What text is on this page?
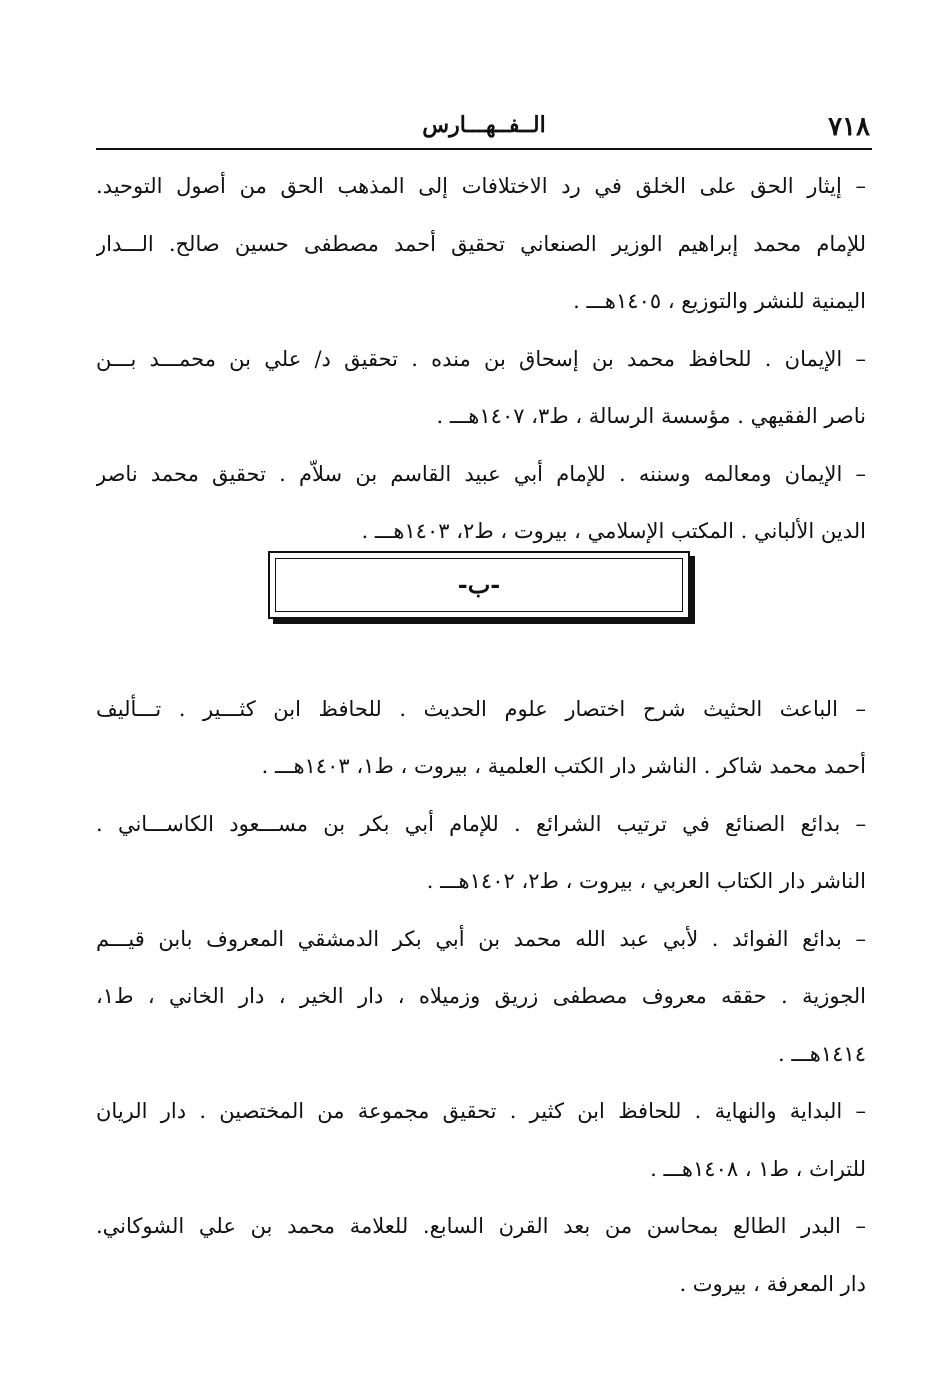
٧١٨
الــفــهـــارس
– إيثار الحق على الخلق في رد الاختلافات إلى المذهب الحق من أصول التوحيد.
للإمام محمد إبراهيم الوزير الصنعاني تحقيق أحمد مصطفى حسين صالح. الـــدار
اليمنية للنشر والتوزيع ، ١٤٠٥هـــ .
– الإيمان . للحافظ محمد بن إسحاق بن منده . تحقيق د/ علي بن محمـــد بـــن
ناصر الفقيهي . مؤسسة الرسالة ، ط٣، ١٤٠٧هـــ .
– الإيمان ومعالمه وسننه . للإمام أبي عبيد القاسم بن سلاّم . تحقيق محمد ناصر
الدين الألباني . المكتب الإسلامي ، بيروت ، ط٢، ١٤٠٣هـــ .
– الباعث الحثيث شرح اختصار علوم الحديث . للحافظ ابن كثـــير . تـــأليف
أحمد محمد شاكر . الناشر دار الكتب العلمية ، بيروت ، ط١، ١٤٠٣هـــ .
– بدائع الصنائع في ترتيب الشرائع . للإمام أبي بكر بن مســـعود الكاســـاني .
الناشر دار الكتاب العربي ، بيروت ، ط٢، ١٤٠٢هـــ .
– بدائع الفوائد . لأبي عبد الله محمد بن أبي بكر الدمشقي المعروف بابن قيـــم
الجوزية . حققه معروف مصطفى زريق وزميلاه ، دار الخير ، دار الخاني ، ط١،
١٤١٤هـــ .
– البداية والنهاية . للحافظ ابن كثير . تحقيق مجموعة من المختصين . دار الريان
للتراث ، ط١ ، ١٤٠٨هـــ .
– البدر الطالع بمحاسن من بعد القرن السابع. للعلامة محمد بن علي الشوكاني.
دار المعرفة ، بيروت .
-ب-
